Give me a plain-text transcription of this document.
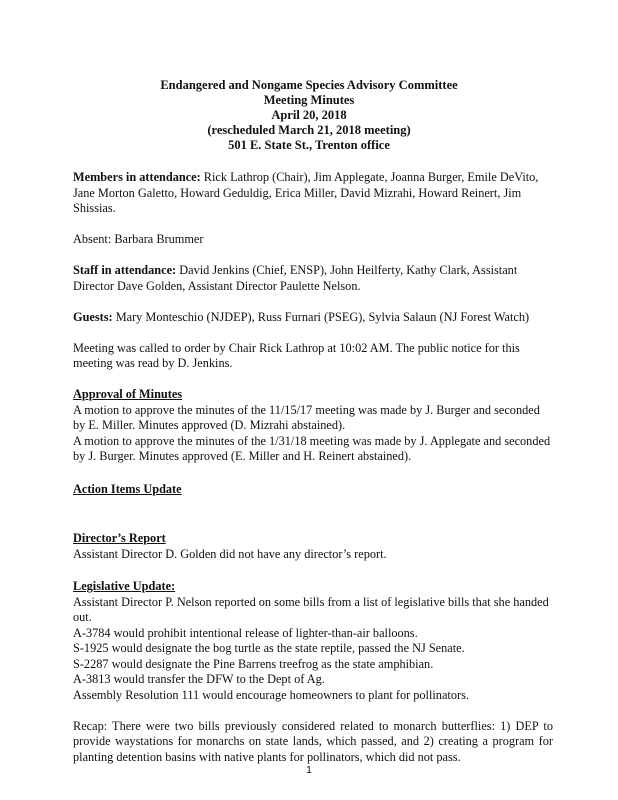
Endangered and Nongame Species Advisory Committee
Meeting Minutes
April 20, 2018
(rescheduled March 21, 2018 meeting)
501 E. State St., Trenton office

Members in attendance: Rick Lathrop (Chair), Jim Applegate, Joanna Burger, Emile DeVito, Jane Morton Galetto, Howard Geduldig, Erica Miller, David Mizrahi, Howard Reinert, Jim Shissias.

Absent: Barbara Brummer

Staff in attendance: David Jenkins (Chief, ENSP), John Heilferty, Kathy Clark, Assistant Director Dave Golden, Assistant Director Paulette Nelson.

Guests: Mary Monteschio (NJDEP), Russ Furnari (PSEG), Sylvia Salaun (NJ Forest Watch)

Meeting was called to order by Chair Rick Lathrop at 10:02 AM. The public notice for this meeting was read by D. Jenkins.

Approval of Minutes
A motion to approve the minutes of the 11/15/17 meeting was made by J. Burger and seconded by E. Miller. Minutes approved (D. Mizrahi abstained).
A motion to approve the minutes of the 1/31/18 meeting was made by J. Applegate and seconded by J. Burger. Minutes approved (E. Miller and H. Reinert abstained).
Action Items Update
Director’s Report
Assistant Director D. Golden did not have any director’s report.
Legislative Update:
Assistant Director P. Nelson reported on some bills from a list of legislative bills that she handed out.
A-3784 would prohibit intentional release of lighter-than-air balloons.
S-1925 would designate the bog turtle as the state reptile, passed the NJ Senate.
S-2287 would designate the Pine Barrens treefrog as the state amphibian.
A-3813 would transfer the DFW to the Dept of Ag.
Assembly Resolution 111 would encourage homeowners to plant for pollinators.

Recap: There were two bills previously considered related to monarch butterflies: 1) DEP to provide waystations for monarchs on state lands, which passed, and 2) creating a program for planting detention basins with native plants for pollinators, which did not pass.

1
